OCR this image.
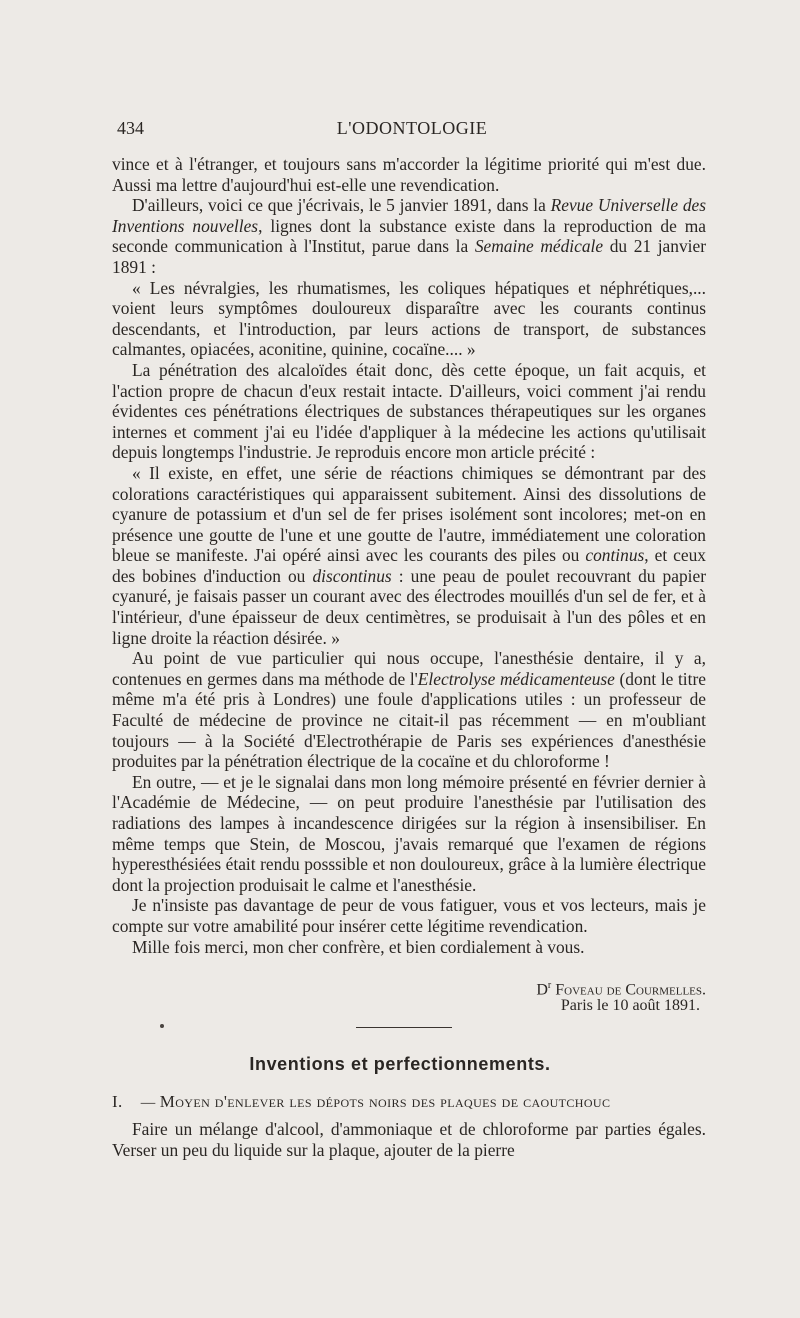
434	L'ODONTOLOGIE

vince et à l'étranger, et toujours sans m'accorder la légitime priorité qui m'est due. Aussi ma lettre d'aujourd'hui est-elle une revendication.

D'ailleurs, voici ce que j'écrivais, le 5 janvier 1891, dans la Revue Universelle des Inventions nouvelles, lignes dont la substance existe dans la reproduction de ma seconde communication à l'Institut, parue dans la Semaine médicale du 21 janvier 1891 :

« Les névralgies, les rhumatismes, les coliques hépatiques et néphrétiques,... voient leurs symptômes douloureux disparaître avec les courants continus descendants, et l'introduction, par leurs actions de transport, de substances calmantes, opiacées, aconitine, quinine, cocaïne.... »

La pénétration des alcaloïdes était donc, dès cette époque, un fait acquis, et l'action propre de chacun d'eux restait intacte. D'ailleurs, voici comment j'ai rendu évidentes ces pénétrations électriques de substances thérapeutiques sur les organes internes et comment j'ai eu l'idée d'appliquer à la médecine les actions qu'utilisait depuis longtemps l'industrie. Je reproduis encore mon article précité :

« Il existe, en effet, une série de réactions chimiques se démontrant par des colorations caractéristiques qui apparaissent subitement. Ainsi des dissolutions de cyanure de potassium et d'un sel de fer prises isolément sont incolores; met-on en présence une goutte de l'une et une goutte de l'autre, immédiatement une coloration bleue se manifeste. J'ai opéré ainsi avec les courants des piles ou continus, et ceux des bobines d'induction ou discontinus : une peau de poulet recouvrant du papier cyanuré, je faisais passer un courant avec des électrodes mouillés d'un sel de fer, et à l'intérieur, d'une épaisseur de deux centimètres, se produisait à l'un des pôles et en ligne droite la réaction désirée. »

Au point de vue particulier qui nous occupe, l'anesthésie dentaire, il y a, contenues en germes dans ma méthode de l'Electrolyse médicamenteuse (dont le titre même m'a été pris à Londres) une foule d'applications utiles : un professeur de Faculté de médecine de province ne citait-il pas récemment — en m'oubliant toujours — à la Société d'Electrothérapie de Paris ses expériences d'anesthésie produites par la pénétration électrique de la cocaïne et du chloroforme !

En outre, — et je le signalai dans mon long mémoire présenté en février dernier à l'Académie de Médecine, — on peut produire l'anesthésie par l'utilisation des radiations des lampes à incandescence dirigées sur la région à insensibiliser. En même temps que Stein, de Moscou, j'avais remarqué que l'examen de régions hyperesthésiées était rendu posssible et non douloureux, grâce à la lumière électrique dont la projection produisait le calme et l'anesthésie.

Je n'insiste pas davantage de peur de vous fatiguer, vous et vos lecteurs, mais je compte sur votre amabilité pour insérer cette légitime revendication.

Mille fois merci, mon cher confrère, et bien cordialement à vous.

$D^r$ Foveau de Courmelles.
Paris le 10 août 1891.
Inventions et perfectionnements.
I. — Moyen d'enlever les dépots noirs des plaques de caoutchouc

Faire un mélange d'alcool, d'ammoniaque et de chloroforme par parties égales. Verser un peu du liquide sur la plaque, ajouter de la pierre
